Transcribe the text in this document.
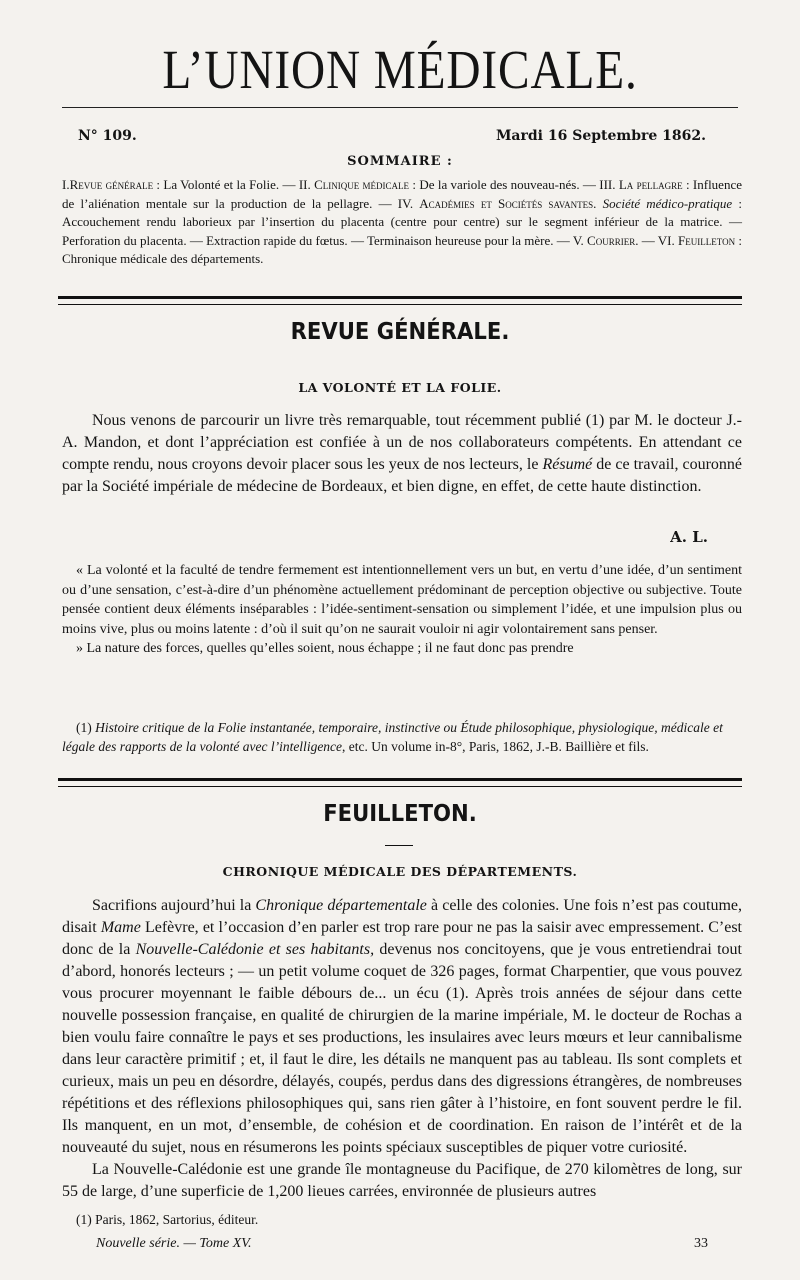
L’UNION MÉDICALE.
N° 109.	Mardi 16 Septembre 1862.
SOMMAIRE :
I.Revue générale : La Volonté et la Folie. — II. Clinique médicale : De la variole des nouveau-nés. — III. La pellagre : Influence de l’aliénation mentale sur la production de la pellagre. — IV. Académies et Sociétés savantes. Société médico-pratique : Accouchement rendu laborieux par l’insertion du placenta (centre pour centre) sur le segment inférieur de la matrice. — Perforation du placenta. — Extraction rapide du fœtus. — Terminaison heureuse pour la mère. — V. Courrier. — VI. Feuilleton : Chronique médicale des départements.
REVUE GÉNÉRALE.
LA VOLONTÉ ET LA FOLIE.

Nous venons de parcourir un livre très remarquable, tout récemment publié (1) par M. le docteur J.-A. Mandon, et dont l’appréciation est confiée à un de nos collaborateurs compétents. En attendant ce compte rendu, nous croyons devoir placer sous les yeux de nos lecteurs, le Résumé de ce travail, couronné par la Société impériale de médecine de Bordeaux, et bien digne, en effet, de cette haute distinction.

A. L.

« La volonté et la faculté de tendre fermement est intentionnellement vers un but, en vertu d’une idée, d’un sentiment ou d’une sensation, c’est-à-dire d’un phénomène actuellement prédominant de perception objective ou subjective. Toute pensée contient deux éléments inséparables : l’idée-sentiment-sensation ou simplement l’idée, et une impulsion plus ou moins vive, plus ou moins latente : d’où il suit qu’on ne saurait vouloir ni agir volontairement sans penser.

» La nature des forces, quelles qu’elles soient, nous échappe ; il ne faut donc pas prendre

(1) Histoire critique de la Folie instantanée, temporaire, instinctive ou Étude philosophique, physiologique, médicale et légale des rapports de la volonté avec l’intelligence, etc. Un volume in-8°, Paris, 1862, J.-B. Baillière et fils.
FEUILLETON.
CHRONIQUE MÉDICALE DES DÉPARTEMENTS.

Sacrifions aujourd’hui la Chronique départementale à celle des colonies. Une fois n’est pas coutume, disait Mame Lefèvre, et l’occasion d’en parler est trop rare pour ne pas la saisir avec empressement. C’est donc de la Nouvelle-Calédonie et ses habitants, devenus nos concitoyens, que je vous entretiendrai tout d’abord, honorés lecteurs ; — un petit volume coquet de 326 pages, format Charpentier, que vous pouvez vous procurer moyennant le faible débours de... un écu (1). Après trois années de séjour dans cette nouvelle possession française, en qualité de chirurgien de la marine impériale, M. le docteur de Rochas a bien voulu faire connaître le pays et ses productions, les insulaires avec leurs mœurs et leur cannibalisme dans leur caractère primitif ; et, il faut le dire, les détails ne manquent pas au tableau. Ils sont complets et curieux, mais un peu en désordre, délayés, coupés, perdus dans des digressions étrangères, de nombreuses répétitions et des réflexions philosophiques qui, sans rien gâter à l’histoire, en font souvent perdre le fil. Ils manquent, en un mot, d’ensemble, de cohésion et de coordination. En raison de l’intérêt et de la nouveauté du sujet, nous en résumerons les points spéciaux susceptibles de piquer votre curiosité.

La Nouvelle-Calédonie est une grande île montagneuse du Pacifique, de 270 kilomètres de long, sur 55 de large, d’une superficie de 1,200 lieues carrées, environnée de plusieurs autres

(1) Paris, 1862, Sartorius, éditeur.
Nouvelle série. — Tome XV.	33
